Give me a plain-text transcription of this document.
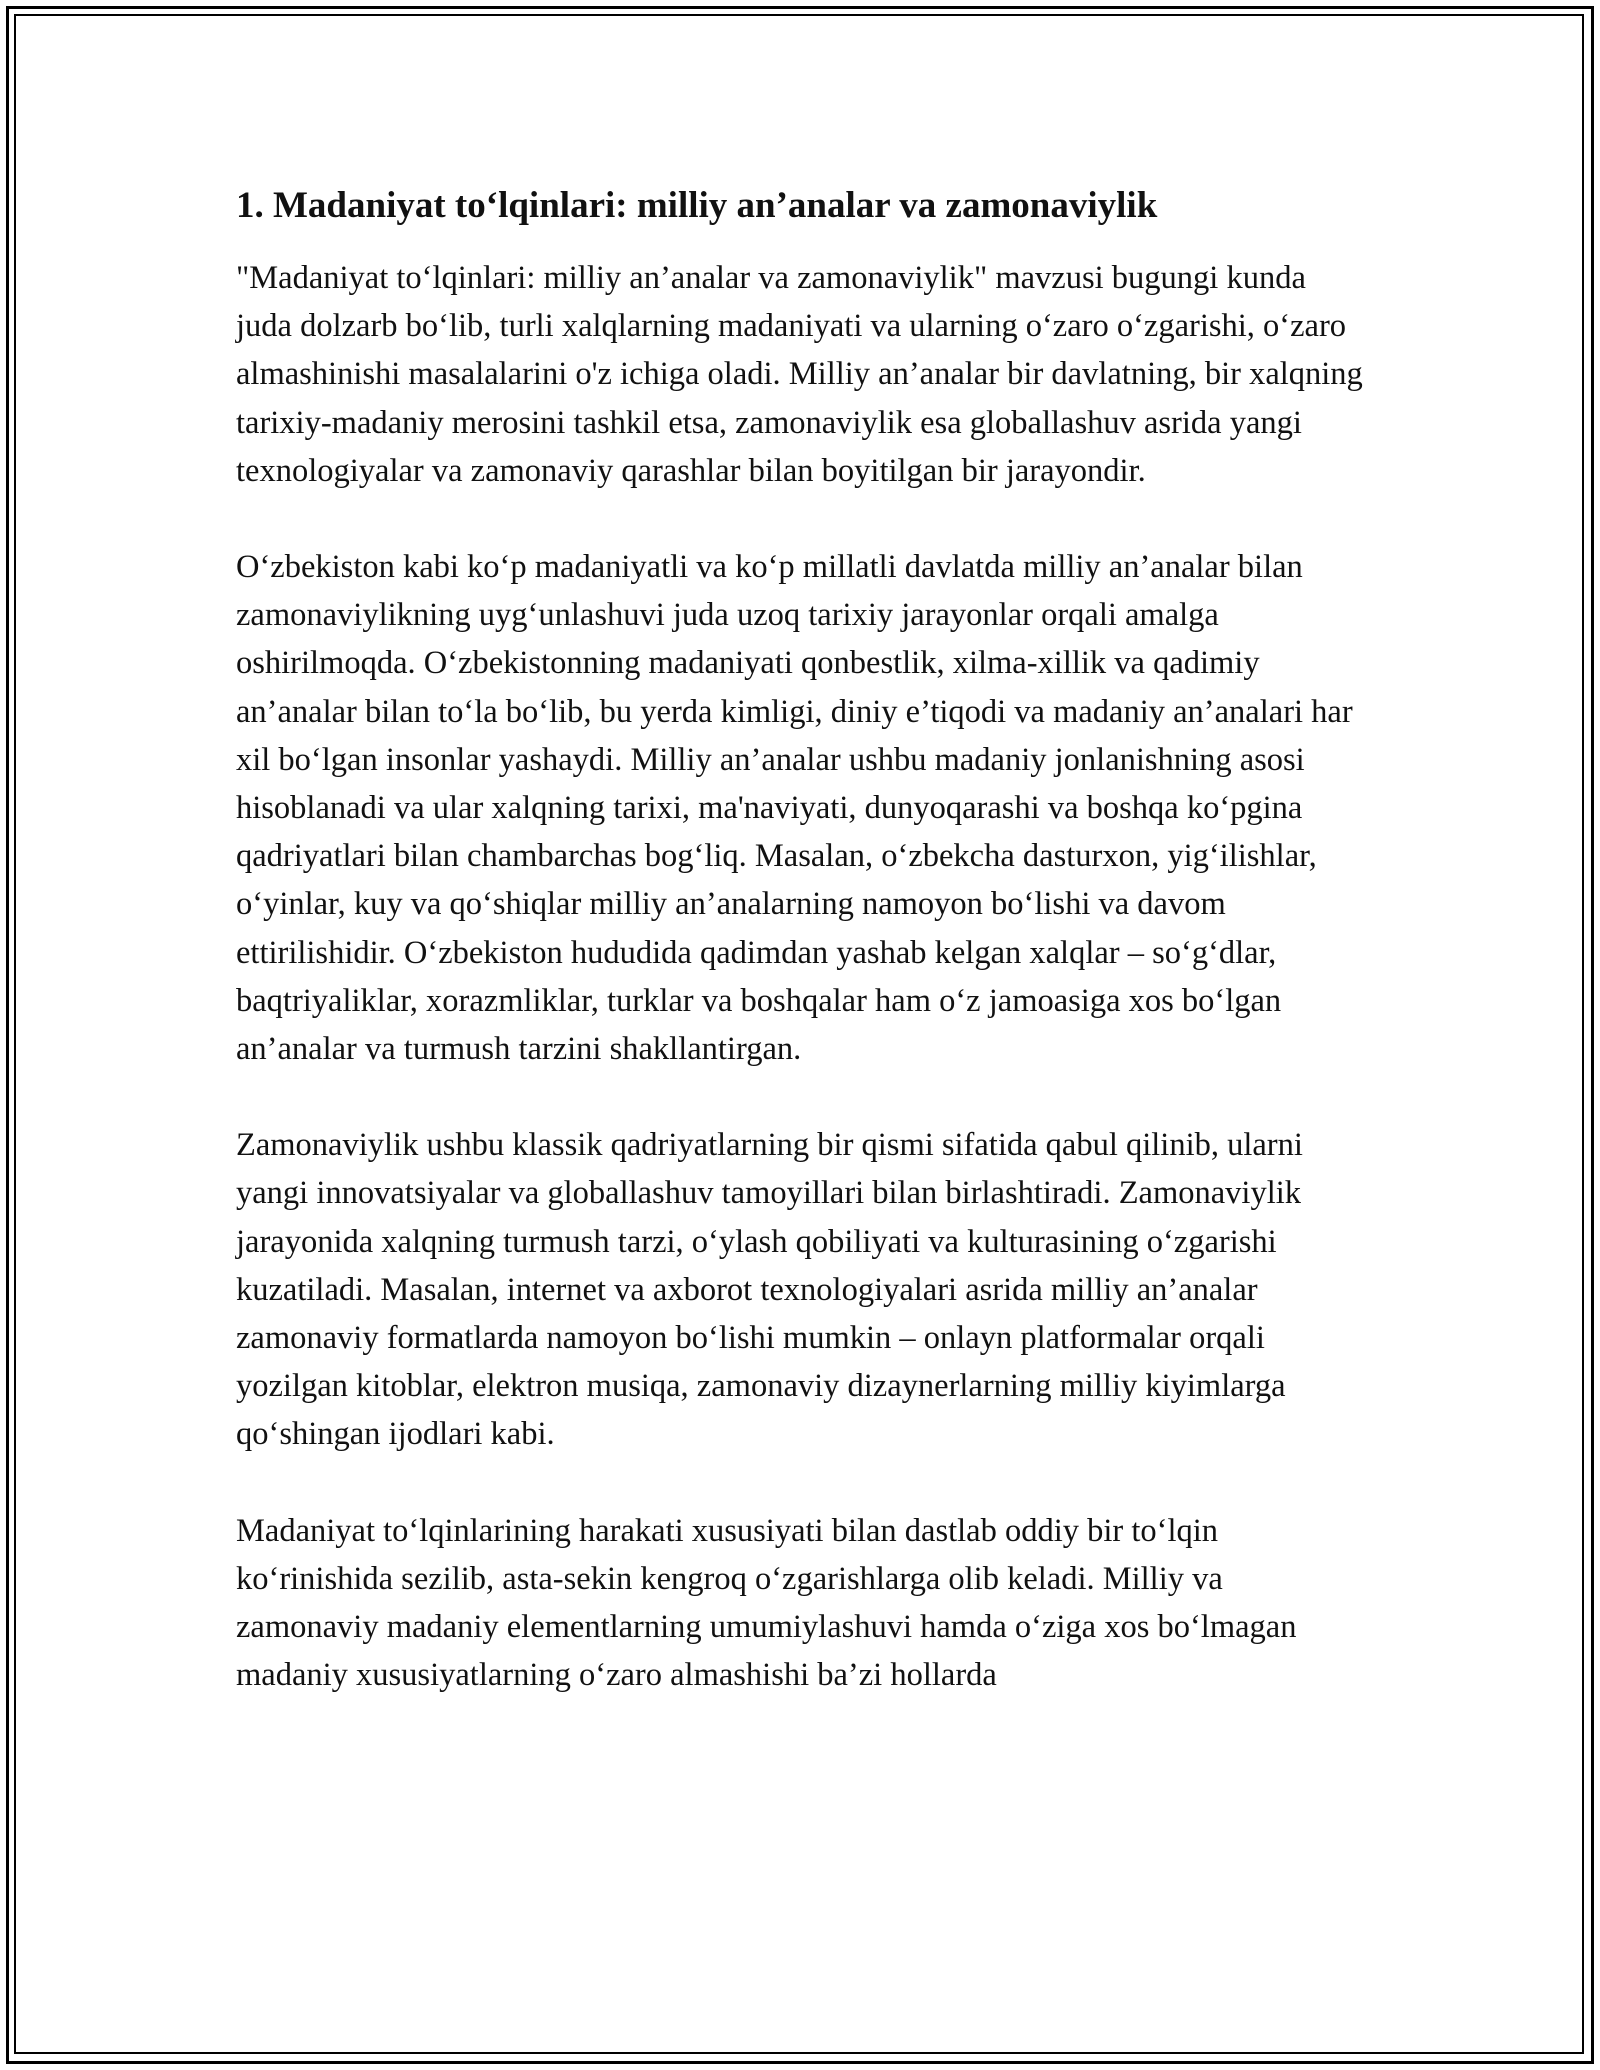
1. Madaniyat to‘lqinlari: milliy an’analar va zamonaviylik

"Madaniyat to‘lqinlari: milliy an’analar va zamonaviylik" mavzusi bugungi kunda juda dolzarb bo‘lib, turli xalqlarning madaniyati va ularning o‘zaro o‘zgarishi, o‘zaro almashinishi masalalarini o'z ichiga oladi. Milliy an’analar bir davlatning, bir xalqning tarixiy-madaniy merosini tashkil etsa, zamonaviylik esa globallashuv asrida yangi texnologiyalar va zamonaviy qarashlar bilan boyitilgan bir jarayondir.

O‘zbekiston kabi ko‘p madaniyatli va ko‘p millatli davlatda milliy an’analar bilan zamonaviylikning uyg‘unlashuvi juda uzoq tarixiy jarayonlar orqali amalga oshirilmoqda. O‘zbekistonning madaniyati qonbestlik, xilma-xillik va qadimiy an’analar bilan to‘la bo‘lib, bu yerda kimligi, diniy e’tiqodi va madaniy an’analari har xil bo‘lgan insonlar yashaydi. Milliy an’analar ushbu madaniy jonlanishning asosi hisoblanadi va ular xalqning tarixi, ma'naviyati, dunyoqarashi va boshqa ko‘pgina qadriyatlari bilan chambarchas bog‘liq. Masalan, o‘zbekcha dasturxon, yig‘ilishlar, o‘yinlar, kuy va qo‘shiqlar milliy an’analarning namoyon bo‘lishi va davom ettirilishidir. O‘zbekiston hududida qadimdan yashab kelgan xalqlar – so‘g‘dlar, baqtriyaliklar, xorazmliklar, turklar va boshqalar ham o‘z jamoasiga xos bo‘lgan an’analar va turmush tarzini shakllantirgan.

Zamonaviylik ushbu klassik qadriyatlarning bir qismi sifatida qabul qilinib, ularni yangi innovatsiyalar va globallashuv tamoyillari bilan birlashtiradi. Zamonaviylik jarayonida xalqning turmush tarzi, o‘ylash qobiliyati va kulturasining o‘zgarishi kuzatiladi. Masalan, internet va axborot texnologiyalari asrida milliy an’analar zamonaviy formatlarda namoyon bo‘lishi mumkin – onlayn platformalar orqali yozilgan kitoblar, elektron musiqa, zamonaviy dizaynerlarning milliy kiyimlarga qo‘shingan ijodlari kabi.

Madaniyat to‘lqinlarining harakati xususiyati bilan dastlab oddiy bir to‘lqin ko‘rinishida sezilib, asta-sekin kengroq o‘zgarishlarga olib keladi. Milliy va zamonaviy madaniy elementlarning umumiylashuvi hamda o‘ziga xos bo‘lmagan madaniy xususiyatlarning o‘zaro almashishi ba’zi hollarda
